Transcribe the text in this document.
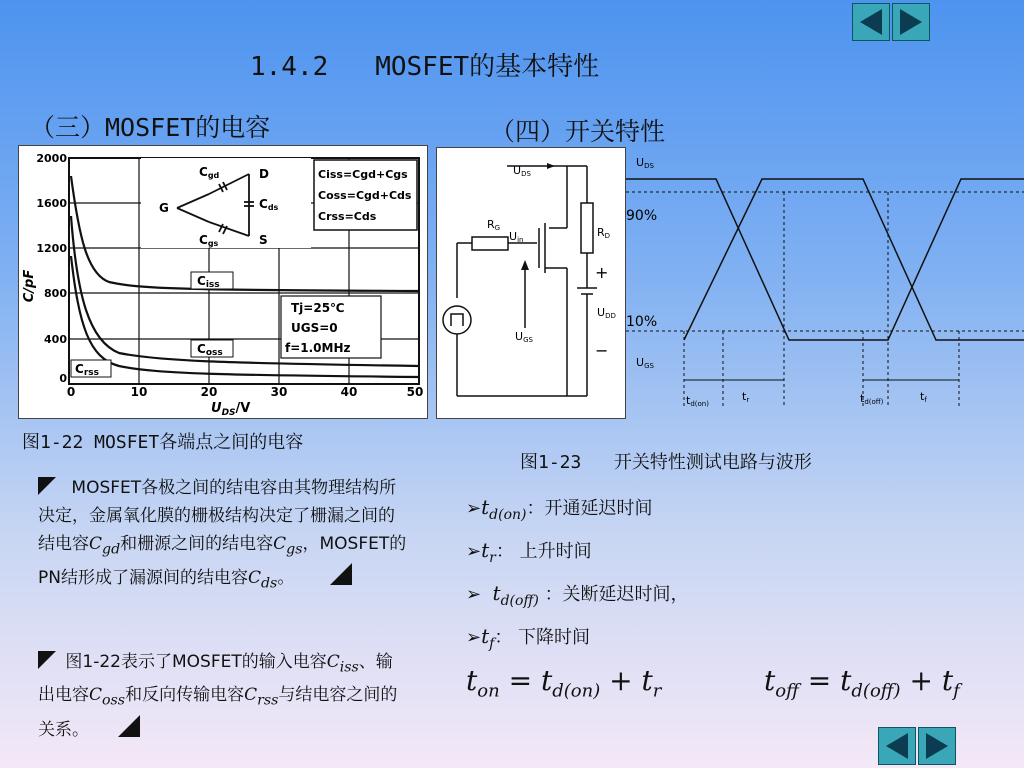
1.4.2   MOSFET的基本特性
（三）MOSFET的电容	（四）开关特性
2000
1600
1200
800
400
0
0	10	20	30	40	50
C/pF
$U_{DS}/V$
Ciss
Coss
Crss
G
D
S
Cgd
Cds
Cgs
Ciss=Cgd+Cgs
Coss=Cgd+Cds
Crss=Cds
Tj=25℃
UGS=0
f=1.0MHz
UDS
RG
Uin
RD
UDD
UGS
+
−
UDS
90%
10%
UGS
td(on)
tr	td(off)	tf
图1-22 MOSFET各端点之间的电容
图1-23   开关特性测试电路与波形
MOSFET各极之间的结电容由其物理结构所决定，金属氧化膜的栅极结构决定了栅漏之间的结电容$C_{gd}$和栅源之间的结电容$C_{gs}$，MOSFET的PN结形成了漏源间的结电容$C_{ds}$。
图1-22表示了MOSFET的输入电容$C_{iss}$、输出电容$C_{oss}$和反向传输电容$C_{rss}$与结电容之间的关系。
$➢t_{d(on)}$：开通延迟时间
$➢t_r$： 上升时间
➢ $t_{d(off)}$ ：关断延迟时间，
$➢t_f$： 下降时间
$t_{on} = t_{d(on)} + t_r$	$t_{off} = t_{d(off)} + t_f$
